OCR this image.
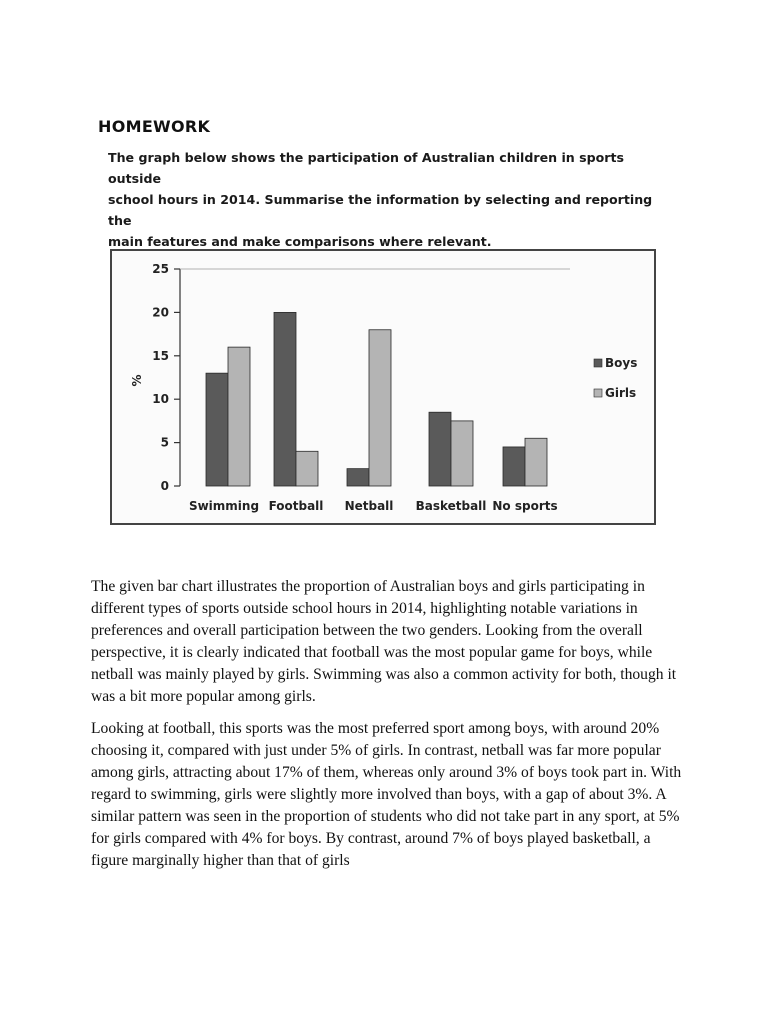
HOMEWORK

The graph below shows the participation of Australian children in sports outside

school hours in 2014. Summarise the information by selecting and reporting the

main features and make comparisons where relevant.

0
5
10
15
20
25
%
Swimming Football Netball Basketball No sports
Boys
Girls

The given bar chart illustrates the proportion of Australian boys and girls participating in different types of sports outside school hours in 2014, highlighting notable variations in preferences and overall participation between the two genders. Looking from the overall perspective, it is clearly indicated that football was the most popular game for boys, while netball was mainly played by girls. Swimming was also a common activity for both, though it was a bit more popular among girls.

Looking at football, this sports was the most preferred sport among boys, with around 20% choosing it, compared with just under 5% of girls. In contrast, netball was far more popular among girls, attracting about 17% of them, whereas only around 3% of boys took part in. With regard to swimming, girls were slightly more involved than boys, with a gap of about 3%. A similar pattern was seen in the proportion of students who did not take part in any sport, at 5% for girls compared with 4% for boys. By contrast, around 7% of boys played basketball, a figure marginally higher than that of girls
